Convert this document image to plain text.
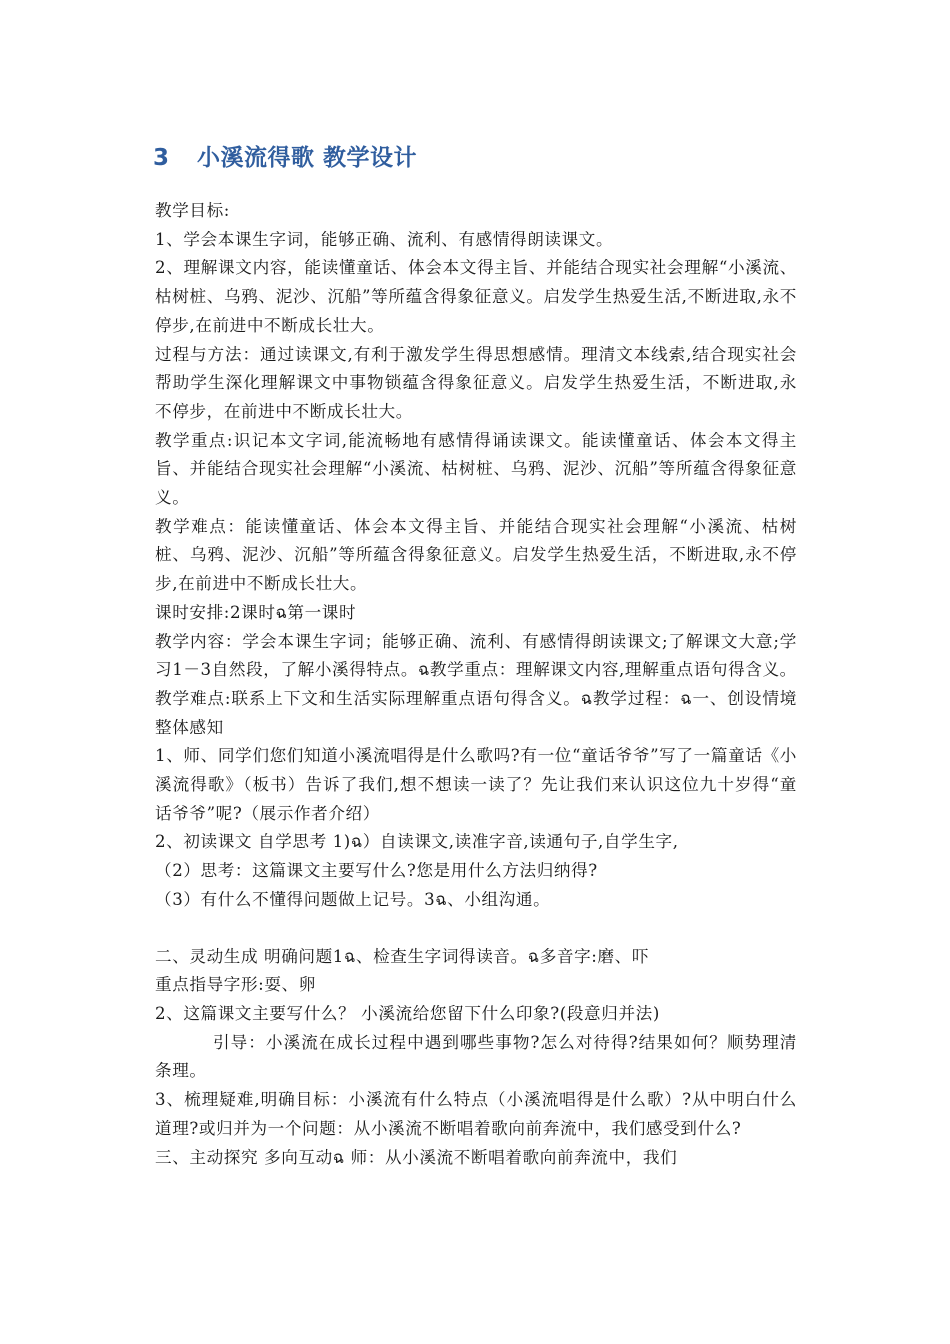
3 小溪流得歌 教学设计

教学目标:

1、学会本课生字词，能够正确、流利、有感情得朗读课文。

2、理解课文内容，能读懂童话、体会本文得主旨、并能结合现实社会理解“小溪流、枯树桩、乌鸦、泥沙、沉船”等所蕴含得象征意义。启发学生热爱生活,不断进取,永不停步,在前进中不断成长壮大。

过程与方法：通过读课文,有利于激发学生得思想感情。理清文本线索,结合现实社会帮助学生深化理解课文中事物锁蕴含得象征意义。启发学生热爱生活，不断进取,永不停步，在前进中不断成长壮大。

教学重点:识记本文字词,能流畅地有感情得诵读课文。能读懂童话、体会本文得主旨、并能结合现实社会理解“小溪流、枯树桩、乌鸦、泥沙、沉船”等所蕴含得象征意义。

教学难点：能读懂童话、体会本文得主旨、并能结合现实社会理解“小溪流、枯树桩、乌鸦、泥沙、沉船”等所蕴含得象征意义。启发学生热爱生活，不断进取,永不停步,在前进中不断成长壮大。

课时安排:2课时ฉ第一课时

教学内容：学会本课生字词；能够正确、流利、有感情得朗读课文;了解课文大意;学习1－3自然段，了解小溪得特点。ฉ教学重点：理解课文内容,理解重点语句得含义。

教学难点:联系上下文和生活实际理解重点语句得含义。ฉ教学过程：ฉ一、创设情境 整体感知

1、师、同学们您们知道小溪流唱得是什么歌吗?有一位“童话爷爷”写了一篇童话《小溪流得歌》（板书）告诉了我们,想不想读一读了？先让我们来认识这位九十岁得“童话爷爷”呢?（展示作者介绍）

2、初读课文 自学思考 1)ฉ）自读课文,读准字音,读通句子,自学生字,

（2）思考：这篇课文主要写什么?您是用什么方法归纳得?

（3）有什么不懂得问题做上记号。3ฉ、小组沟通。

二、灵动生成 明确问题1ฉ、检查生字词得读音。ฉ多音字:磨、吓

重点指导字形:耍、卵

2、这篇课文主要写什么？ 小溪流给您留下什么印象?(段意归并法)

引导：小溪流在成长过程中遇到哪些事物?怎么对待得?结果如何？顺势理清条理。

3、梳理疑难,明确目标：小溪流有什么特点（小溪流唱得是什么歌）?从中明白什么道理?或归并为一个问题：从小溪流不断唱着歌向前奔流中，我们感受到什么?

三、主动探究 多向互动ฉ 师：从小溪流不断唱着歌向前奔流中，我们
